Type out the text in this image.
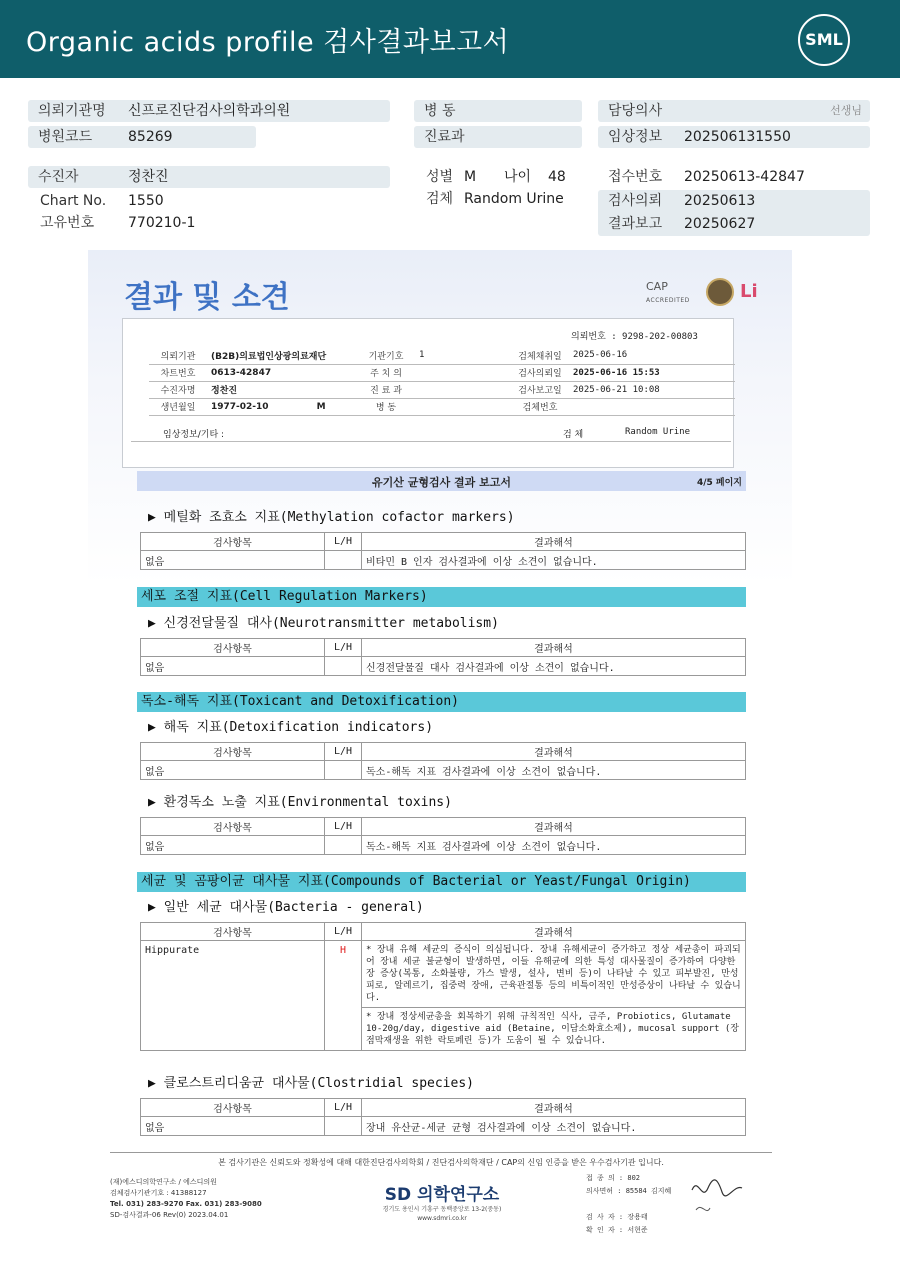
Organic acids profile 검사결과보고서	SML
의뢰기관명 신프로진단검사의학과의원
병원코드	85269
병 동
진료과
담당의사	선생님
임상정보 202506131550
수진자	정찬진
Chart No. 1550
고유번호 770210-1
성별 M 나이 48
검체 Random Urine
접수번호 20250613-42847
검사의뢰 20250613
결과보고 20250627
결과 및 소견	CAP
ACCREDITED	Li
의뢰번호 : 9298-202-00803
의뢰기관	(B2B)의료법인상광의료재단	기관기호	1	검체채취일	2025-06-16
차트번호	0613-42847	주 치 의		검사의뢰일	2025-06-16 15:53
수진자명	정찬진	진 료 과		검사보고일	2025-06-21 10:08
생년월일	1977-02-10 M	병 동		검체번호	
임상정보/기타 :	검 체	Random Urine
유기산 균형검사 결과 보고서	4/5 페이지
▶ 메틸화 조효소 지표(Methylation cofactor markers)
검사항목	L/H	결과해석
없음		비타민 B 인자 검사결과에 이상 소견이 없습니다.
세포 조절 지표(Cell Regulation Markers)
▶ 신경전달물질 대사(Neurotransmitter metabolism)
검사항목	L/H	결과해석
없음		신경전달물질 대사 검사결과에 이상 소견이 없습니다.
독소-해독 지표(Toxicant and Detoxification)
▶ 해독 지표(Detoxification indicators)
검사항목	L/H	결과해석
없음		독소-해독 지표 검사결과에 이상 소견이 없습니다.
▶ 환경독소 노출 지표(Environmental toxins)
검사항목	L/H	결과해석
없음		독소-해독 지표 검사결과에 이상 소견이 없습니다.
세균 및 곰팡이균 대사물 지표(Compounds of Bacterial or Yeast/Fungal Origin)
▶ 일반 세균 대사물(Bacteria - general)
검사항목	L/H	결과해석
Hippurate	H	* 장내 유해 세균의 증식이 의심됩니다. 장내 유해세균이 증가하고 정상 세균총이 파괴되어 장내 세균 불균형이 발생하면, 이들 유해균에 의한 특성 대사물질이 증가하여 다양한 장 증상(복통, 소화불량, 가스 발생, 설사, 변비 등)이 나타날 수 있고 피부발진, 만성피로, 알레르기, 집중력 장애, 근육관절통 등의 비특이적인 만성증상이 나타날 수 있습니다.
* 장내 정상세균총을 회복하기 위해 규칙적인 식사, 금주, Probiotics, Glutamate 10-20g/day, digestive aid (Betaine, 이담소화효소제), mucosal support (장점막재생을 위한 락토페린 등)가 도움이 될 수 있습니다.
▶ 클로스트리디움균 대사물(Clostridial species)
검사항목	L/H	결과해석
없음		장내 유산균-세균 균형 검사결과에 이상 소견이 없습니다.
본 검사기관은 신뢰도와 정확성에 대해 대한진단검사의학회 / 진단검사의학재단 / CAP의 신임 인증을 받은 우수검사기관 입니다.
(재)에스디의학연구소 / 에스디의원
검체검사기관기호 : 41388127
Tel. 031) 283-9270 Fax. 031) 283-9080
SD-검사결과-06 Rev(0) 2023.04.01
SD 의학연구소
경기도 용인시 기흥구 동백중앙로 13-2(중동)
www.sdmri.co.kr
접 종 의 : 802
의사면허 : 85584 김지혜

검 사 자 : 장용태
확 인 자 : 서현준
